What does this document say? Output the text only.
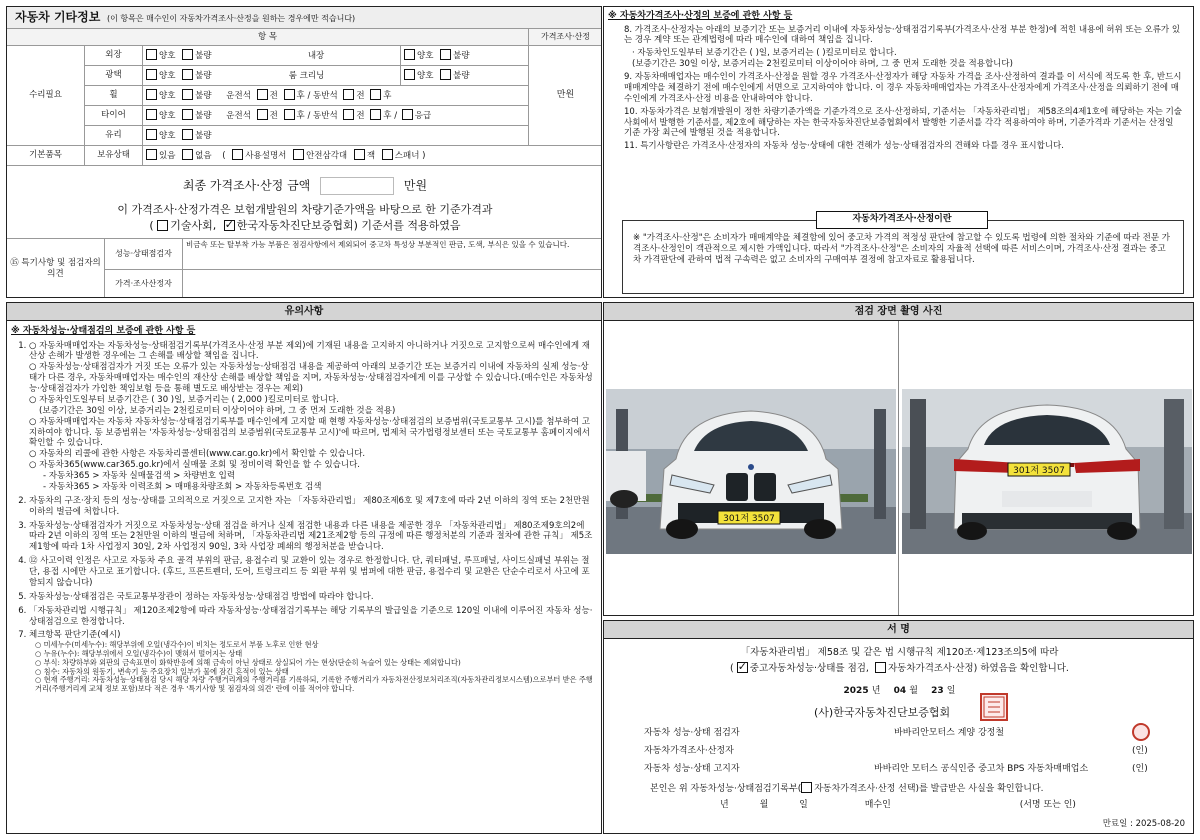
자동차 기타정보 (이 항목은 매수인이 자동차가격조사·산정을 원하는 경우에만 적습니다)
항 목				가격조사·산정
수리필요	외장	양호 불량 내장	양호 불량	만원
	광택	양호 불량 룸 크리닝	양호 불량	
	휠	양호 불량 운전석 전 후 / 동반석 전 후		
	타이어	양호 불량 운전석 전 후 / 동반석 전 후 / 응급		
	유리	양호 불량		
기본품목	보유상태	있음 없음 ( 사용설명서 안전삼각대 잭 스패너 )		
최종 가격조사·산정 금액	만원
이 가격조사·산정가격은 보험개발원의 차량기준가액을 바탕으로 한 기준가격과
( 기술사회, ✓ 한국자동차진단보증협회) 기준서를 적용하였음
⑮ 특기사항 및 점검자의 의견	성능·상태점검자	비금속 또는 탈부착 가능 부품은 점검사항에서 제외되어 중고차 특성상 부분적인 판금, 도색, 부식은 있을 수 있습니다.
	가격·조사산정자	
※ 자동차가격조사·산정의 보증에 관한 사항 등

8. 가격조사·산정자는 아래의 보증기간 또는 보증거리 이내에 자동차성능·상태점검기록부(가격조사·산정 부분 한정)에 적힌 내용에 허위 또는 오류가 있는 경우 계약 또는 관계법령에 따라 매수인에 대하여 책임을 집니다.

· 자동차인도일부터 보증기간은 ( )일, 보증거리는 ( )킬로미터로 합니다.

(보증기간은 30일 이상, 보증거리는 2천킬로미터 이상이어야 하며, 그 중 먼저 도래한 것을 적용합니다)

9. 자동차매매업자는 매수인이 가격조사·산정을 원할 경우 가격조사·산정자가 해당 자동차 가격을 조사·산정하여 결과를 이 서식에 적도록 한 후, 반드시 매매계약을 체결하기 전에 매수인에게 서면으로 고지하여야 합니다. 이 경우 자동차매매업자는 가격조사·산정자에게 가격조사·산정을 의뢰하기 전에 매수인에게 가격조사·산정 비용을 안내하여야 합니다.

10. 자동차가격은 보험개발원이 정한 차량기준가액을 기준가격으로 조사·산정하되, 기준서는 「자동차관리법」 제58조의4제1호에 해당하는 자는 기술사회에서 발행한 기준서를, 제2호에 해당하는 자는 한국자동차진단보증협회에서 발행한 기준서를 각각 적용하여야 하며, 기준가격과 기준서는 산정일 기준 가장 최근에 발행된 것을 적용합니다.

11. 특기사항란은 가격조사·산정자의 자동차 성능·상태에 대한 견해가 성능·상태점검자의 견해와 다를 경우 표시합니다.

자동차가격조사·산정이란
※ "가격조사·산정"은 소비자가 매매계약을 체결함에 있어 중고차 가격의 적정성 판단에 참고할 수 있도록 법령에 의한 절차와 기준에 따라 전문 가격조사·산정인이 객관적으로 제시한 가액입니다. 따라서 "가격조사·산정"은 소비자의 자율적 선택에 따른 서비스이며, 가격조사·산정 결과는 중고차 가격판단에 관하여 법적 구속력은 없고 소비자의 구매여부 결정에 참고자료로 활용됩니다.
유의사항
※ 자동차성능·상태점검의 보증에 관한 사항 등
1. ○ 자동차매매업자는 자동차성능·상태점검기록부(가격조사·산정 부분 제외)에 기재된 내용을 고지하지 아니하거나 거짓으로 고지함으로써 매수인에게 재산상 손해가 발생한 경우에는 그 손해를 배상할 책임을 집니다.
○ 자동차성능·상태점검자가 거짓 또는 오류가 있는 자동차성능·상태점검 내용을 제공하여 아래의 보증기간 또는 보증거리 이내에 자동차의 실제 성능·상태가 다른 경우, 자동차매매업자는 매수인의 재산상 손해를 배상할 책임을 지며, 자동차성능·상태점검자에게 이를 구상할 수 있습니다.(매수인은 자동차성능·상태점검자가 가입한 책임보험 등을 통해 별도로 배상받는 경우는 제외)
○ 자동차인도일부터 보증기간은 ( 30 )일, 보증거리는 ( 2,000 )킬로미터로 합니다.
(보증기간은 30일 이상, 보증거리는 2천킬로미터 이상이어야 하며, 그 중 먼저 도래한 것을 적용)
○ 자동차매매업자는 자동차 자동차성능·상태점검기록부를 매수인에게 고지할 때 현행 자동차성능·상태점검의 보증범위(국토교통부 고시)를 첨부하여 고지하여야 합니다. 동 보증범위는 '자동차성능·상태점검의 보증범위(국토교통부 고시)'에 따르며, 법제처 국가법령정보센터 또는 국토교통부 홈페이지에서 확인할 수 있습니다.
○ 자동차의 리콜에 관한 사항은 자동차리콜센터(www.car.go.kr)에서 확인할 수 있습니다.
○ 자동차365(www.car365.go.kr)에서 실매물 조회 및 정비이력 확인을 할 수 있습니다.
- 자동차365 > 자동차 실매물검색 > 차량번호 입력
- 자동차365 > 자동차 이력조회 > 매매용차량조회 > 자동차등록번호 검색
2. 자동차의 구조·장치 등의 성능·상태를 고의적으로 거짓으로 고지한 자는 「자동차관리법」 제80조제6호 및 제7호에 따라 2년 이하의 징역 또는 2천만원 이하의 벌금에 처합니다.
3. 자동차성능·상태점검자가 거짓으로 자동차성능·상태 점검을 하거나 실제 점검한 내용과 다른 내용을 제공한 경우 「자동차관리법」 제80조제9호의2에 따라 2년 이하의 징역 또는 2천만원 이하의 벌금에 처하며, 「자동차관리법 제21조제2항 등의 규정에 따른 행정처분의 기준과 절차에 관한 규칙」 제5조제1항에 따라 1차 사업정지 30일, 2차 사업정지 90일, 3차 사업장 폐쇄의 행정처분을 받습니다.
4. ⑫ 사고이력 인정은 사고로 자동차 주요 골격 부위의 판금, 용접수리 및 교환이 있는 경우로 한정합니다. 단, 쿼터패널, 루프패널, 사이드실패널 부위는 절단, 용접 시에만 사고로 표기합니다. (후드, 프론트펜더, 도어, 트렁크리드 등 외판 부위 및 범퍼에 대한 판금, 용접수리 및 교환은 단순수리로서 사고에 포함되지 않습니다)
5. 자동차성능·상태점검은 국토교통부장관이 정하는 자동차성능·상태점검 방법에 따라야 합니다.
6. 「자동차관리법 시행규칙」 제120조제2항에 따라 자동차성능·상태점검기록부는 해당 기록부의 발급일을 기준으로 120일 이내에 이루어진 자동차 성능·상태점검으로 한정합니다.
7. 체크항목 판단기준(예시)
○ 미세누수(미세누수): 해당부위에 오일(냉각수)이 비치는 정도로서 부품 노후로 인한 현상
○ 누유(누수): 해당부위에서 오일(냉각수)이 맺혀서 떨어지는 상태
○ 부식: 차량하부와 외판의 금속표면이 화학반응에 의해 금속이 아닌 상태로 상실되어 가는 현상(단순히 녹슬어 있는 상태는 제외합니다)
○ 침수: 자동차의 원동기, 변속기 등 주요장치 일부가 물에 잠긴 흔적이 있는 상태
○ 현재 주행거리: 자동차성능·상태점검 당시 해당 차량 주행거리계의 주행거리를 기록하되, 기록한 주행거리가 자동차전산정보처리조직(자동차관리정보시스템)으로부터 받은 주행거리(주행거리계 교체 정보 포함)보다 적은 경우 '특기사항 및 점검자의 의견' 란에 이를 적어야 합니다.
점검 장면 촬영 사진
301저 3507
301저 3507
서 명
「자동차관리법」 제58조 및 같은 법 시행규칙 제120조·제123조의5에 따라
( ✓ 중고자동차성능·상태를 점검, 자동차가격조사·산정) 하였음을 확인합니다.
2025 년 04 월 23 일
(사)한국자동차진단보증협회
자동차 성능·상태 점검자	바바리안모터스 계양 강정철
자동차가격조사·산정자	(인)
자동차 성능·상태 고지자	바바리안 모터스 공식인증 중고차 BPS 자동차매매업소	(인)
본인은 위 자동차성능·상태점검기록부( 자동차가격조사·산정 선택)를 발급받은 사실을 확인합니다.
년	월	일	매수인	(서명 또는 인)
만료일 : 2025-08-20
